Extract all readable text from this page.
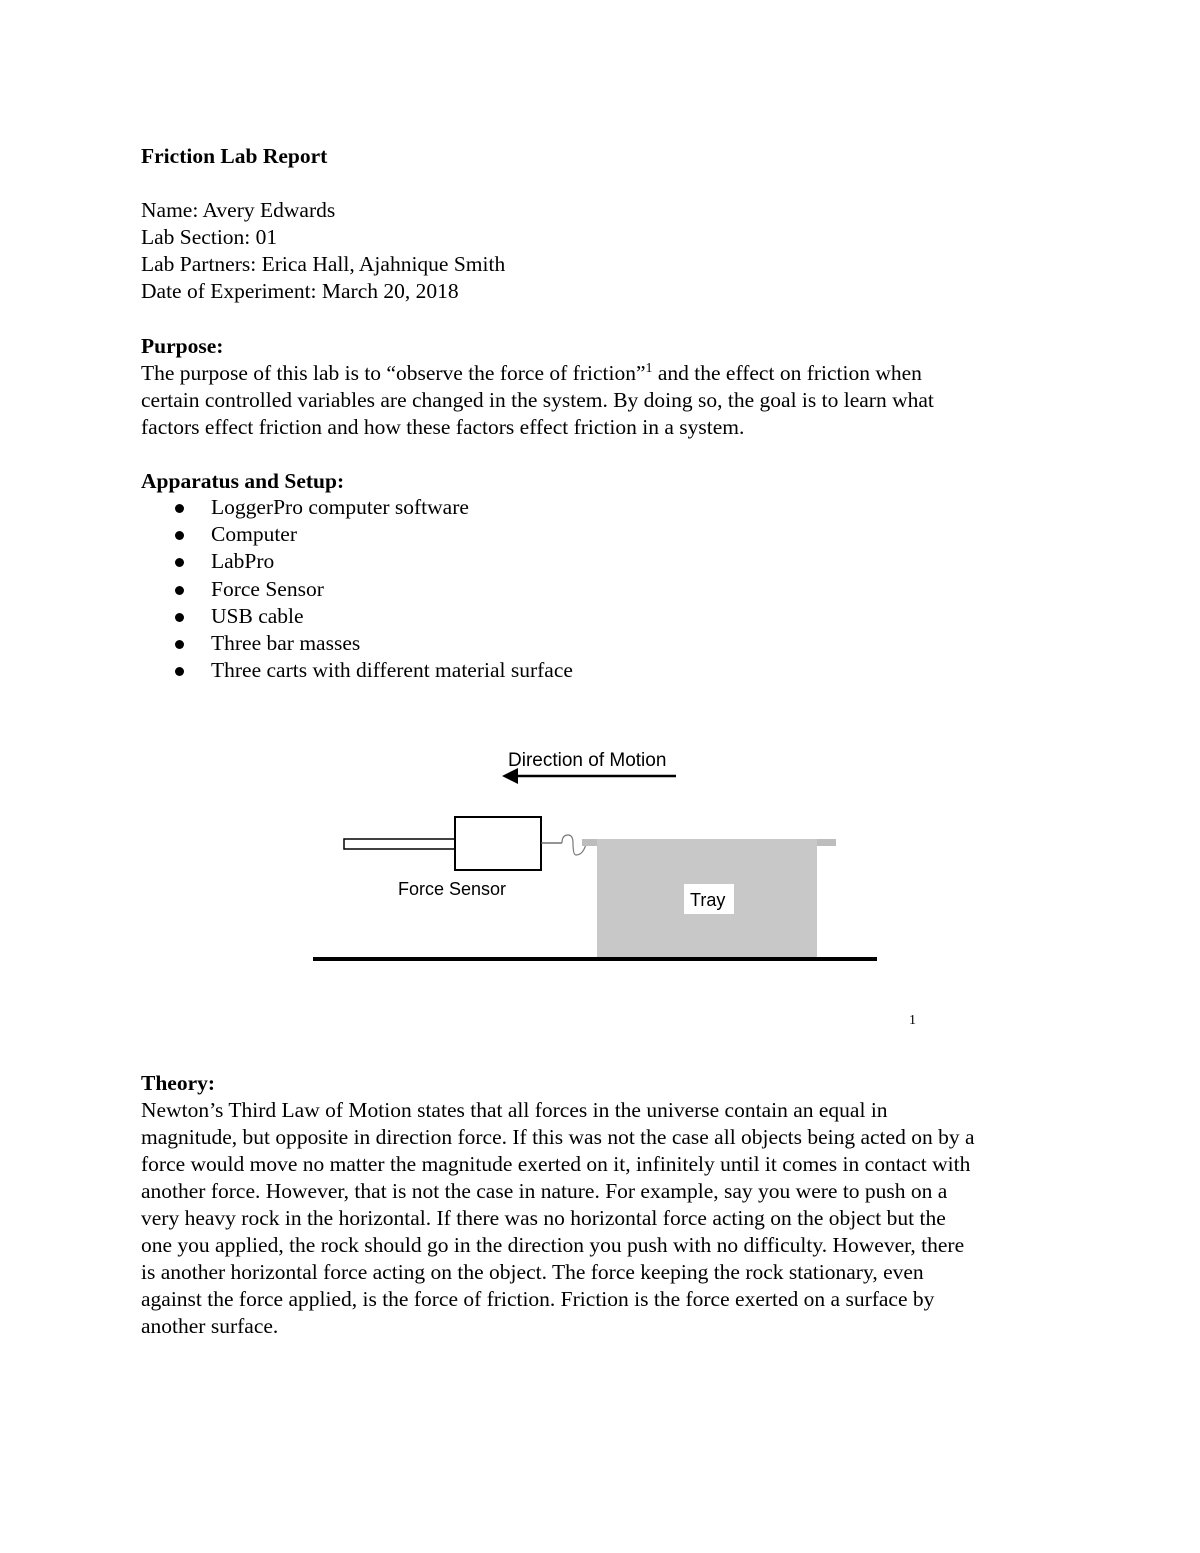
Friction Lab Report
Name: Avery Edwards
Lab Section: 01
Lab Partners: Erica Hall, Ajahnique Smith
Date of Experiment: March 20, 2018
Purpose:
The purpose of this lab is to “observe the force of friction”$^1$ and the effect on friction when
certain controlled variables are changed in the system. By doing so, the goal is to learn what
factors effect friction and how these factors effect friction in a system.
Apparatus and Setup:
LoggerPro computer software
Computer
LabPro
Force Sensor
USB cable
Three bar masses
Three carts with different material surface
Direction of Motion
Force Sensor
Tray
1
Theory:
Newton’s Third Law of Motion states that all forces in the universe contain an equal in
magnitude, but opposite in direction force. If this was not the case all objects being acted on by a
force would move no matter the magnitude exerted on it, infinitely until it comes in contact with
another force. However, that is not the case in nature. For example, say you were to push on a
very heavy rock in the horizontal. If there was no horizontal force acting on the object but the
one you applied, the rock should go in the direction you push with no difficulty. However, there
is another horizontal force acting on the object. The force keeping the rock stationary, even
against the force applied, is the force of friction. Friction is the force exerted on a surface by
another surface.
